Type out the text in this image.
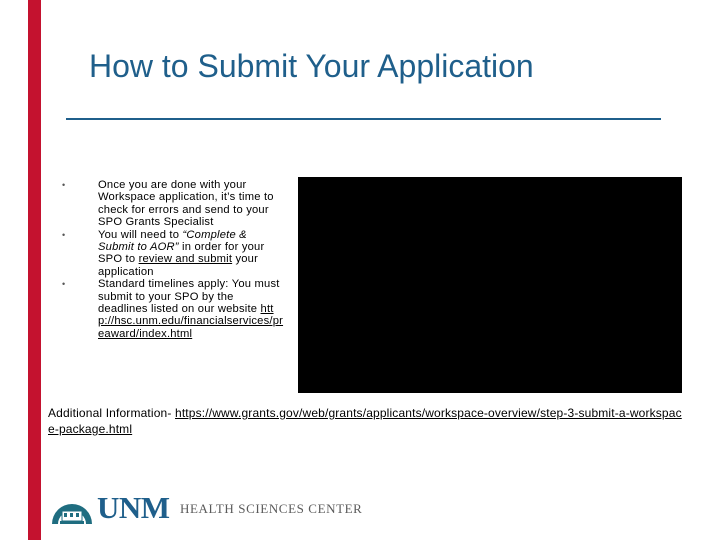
How to Submit Your Application
•	Once you are done with your Workspace application, it’s time to check for errors and send to your SPO Grants Specialist
•	You will need to “Complete & Submit to AOR” in order for your SPO to review and submit your application
•	Standard timelines apply: You must submit to your SPO by the deadlines listed on our website http://hsc.unm.edu/financialservices/preaward/index.html
Additional Information- https://www.grants.gov/web/grants/applicants/workspace-overview/step-3-submit-a-workspace-package.html
UNM HEALTH SCIENCES CENTER
